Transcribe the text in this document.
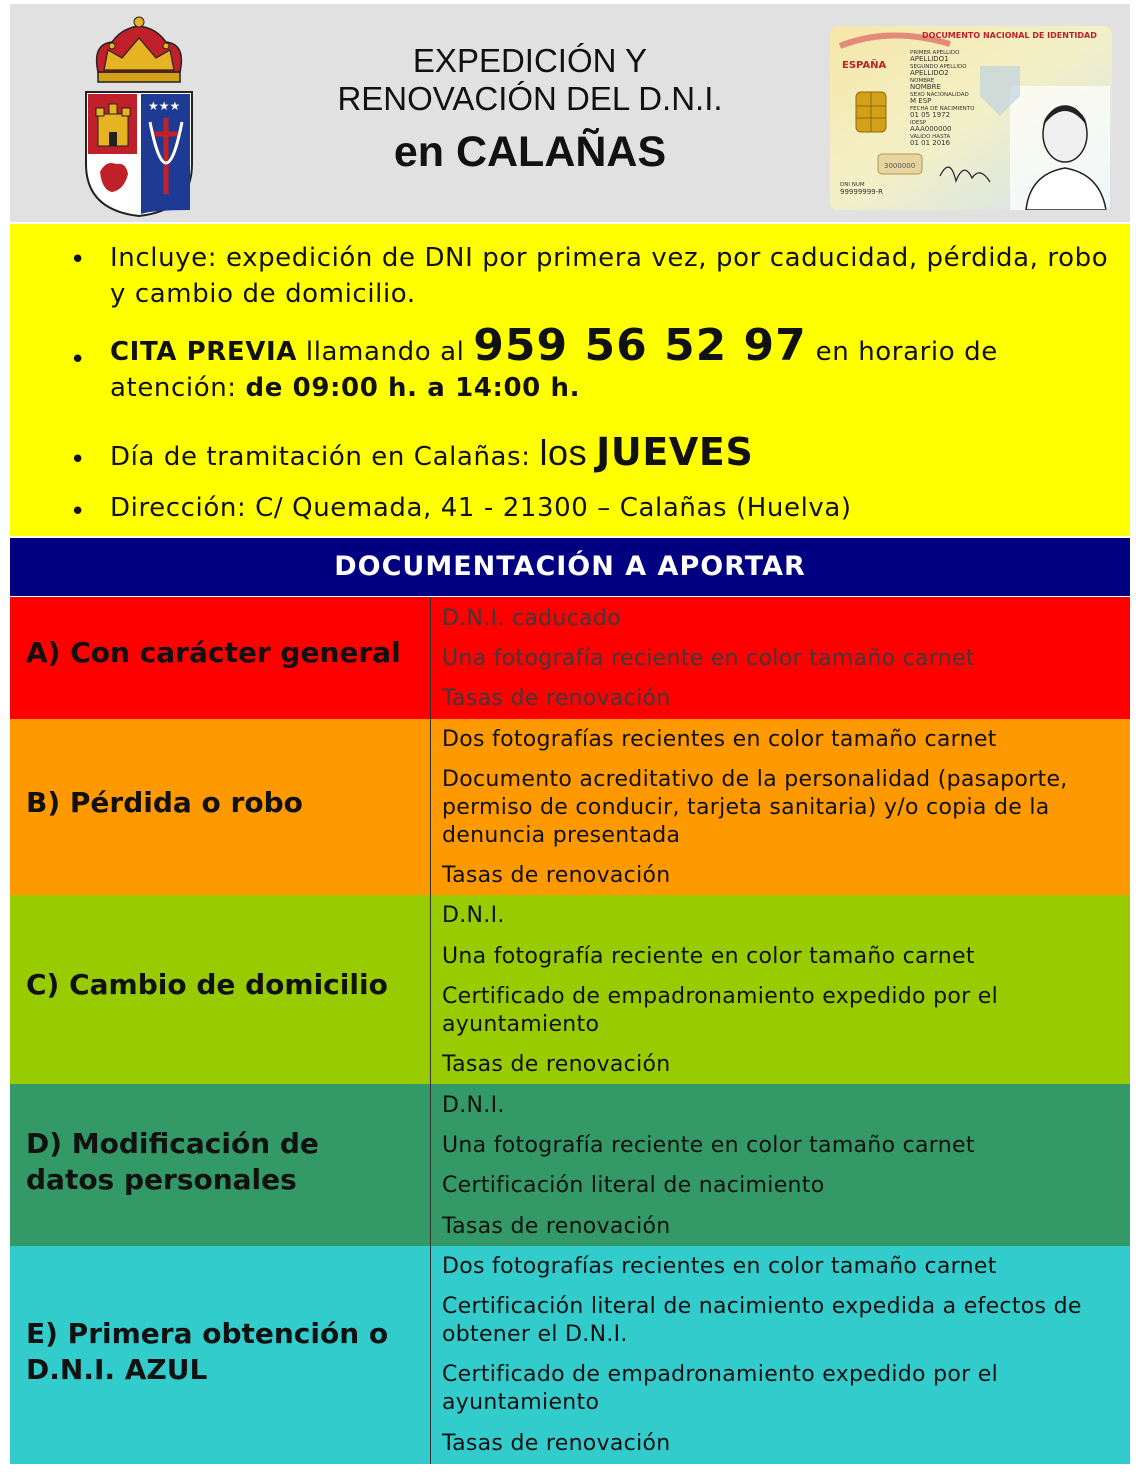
★★★
EXPEDICIÓN Y
RENOVACIÓN DEL D.N.I.
en CALAÑAS
DOCUMENTO NACIONAL DE IDENTIDAD
ESPAÑA
PRIMER APELLIDO
APELLIDO1
SEGUNDO APELLIDO
APELLIDO2
NOMBRE
NOMBRE
SEXO NACIONALIDAD
M ESP
FECHA DE NACIMIENTO
01 05 1972
IDESP
AAA000000
VALIDO HASTA
01 01 2016
DNI NUM
99999999-R
3000000
• Incluye: expedición de DNI por primera vez, por caducidad, pérdida, robo y cambio de domicilio.
• CITA PREVIA llamando al 959 56 52 97 en horario de
atención: de 09:00 h. a 14:00 h.
• Día de tramitación en Calañas: los JUEVES
• Dirección: C/ Quemada, 41 - 21300 – Calañas (Huelva)
DOCUMENTACIÓN A APORTAR
A) Con carácter general
D.N.I. caducado
Una fotografía reciente en color tamaño carnet
Tasas de renovación
B) Pérdida o robo
Dos fotografías recientes en color tamaño carnet
Documento acreditativo de la personalidad (pasaporte, permiso de conducir, tarjeta sanitaria) y/o copia de la denuncia presentada
Tasas de renovación
C) Cambio de domicilio
D.N.I.
Una fotografía reciente en color tamaño carnet
Certificado de empadronamiento expedido por el ayuntamiento
Tasas de renovación
D) Modificación de datos personales
D.N.I.
Una fotografía reciente en color tamaño carnet
Certificación literal de nacimiento
Tasas de renovación
E) Primera obtención o D.N.I. AZUL
Dos fotografías recientes en color tamaño carnet
Certificación literal de nacimiento expedida a efectos de obtener el D.N.I.
Certificado de empadronamiento expedido por el ayuntamiento
Tasas de renovación
